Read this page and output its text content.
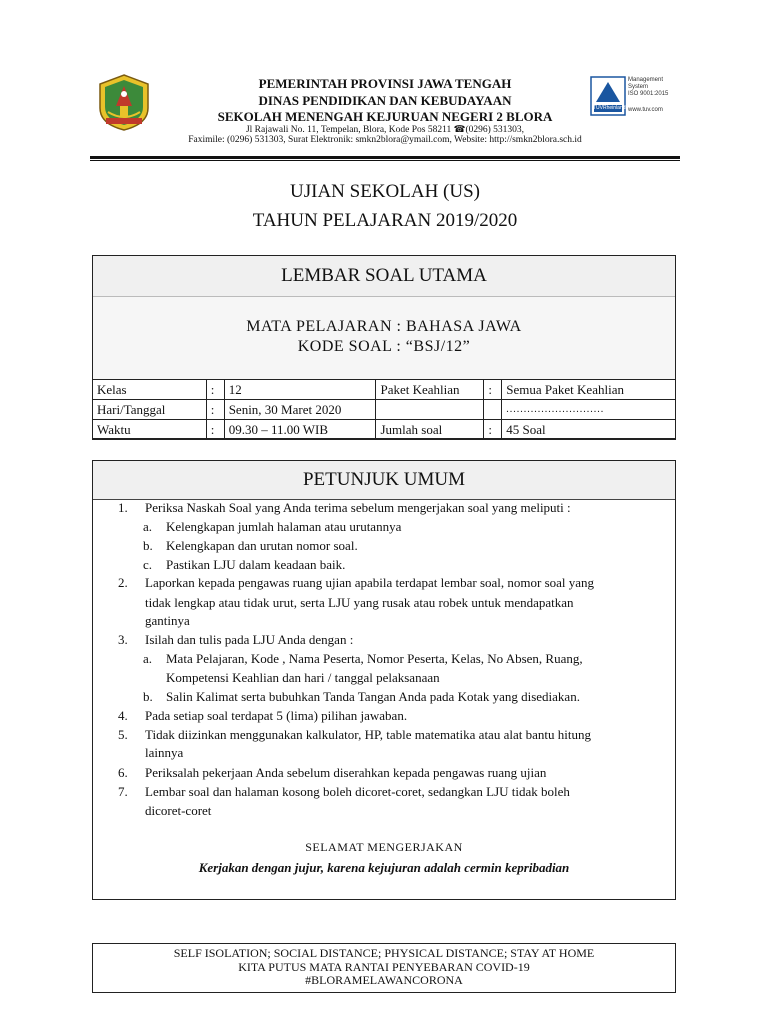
PEMERINTAH PROVINSI JAWA TENGAH
DINAS PENDIDIKAN DAN KEBUDAYAAN
SEKOLAH MENENGAH KEJURUAN NEGERI 2 BLORA
Jl Rajawali No. 11, Tempelan, Blora, Kode Pos 58211 ☎(0296) 531303,
Faximile: (0296) 531303, Surat Elektronik: smkn2blora@ymail.com, Website: http://smkn2blora.sch.id
Management System
ISO 9001:2015
www.tuv.com
TÜVRheinland
UJIAN SEKOLAH (US)
TAHUN PELAJARAN 2019/2020
LEMBAR SOAL UTAMA
MATA PELAJARAN : BAHASA JAWA
KODE SOAL : “BSJ/12”
Kelas	:	12	Paket Keahlian	:	Semua Paket Keahlian
Hari/Tanggal	:	Senin, 30 Maret 2020			............................
Waktu	:	09.30 – 11.00 WIB	Jumlah soal	:	45 Soal
PETUNJUK UMUM
1. Periksa Naskah Soal yang Anda terima sebelum mengerjakan soal yang meliputi :
a. Kelengkapan jumlah halaman atau urutannya
b. Kelengkapan dan urutan nomor soal.
c. Pastikan LJU dalam keadaan baik.
2. Laporkan kepada pengawas ruang ujian apabila terdapat lembar soal, nomor soal yang
tidak lengkap atau tidak urut, serta LJU yang rusak atau robek untuk mendapatkan
gantinya
3. Isilah dan tulis pada LJU Anda dengan :
a. Mata Pelajaran, Kode , Nama Peserta, Nomor Peserta, Kelas, No Absen, Ruang,
Kompetensi Keahlian dan hari / tanggal pelaksanaan
b. Salin Kalimat serta bubuhkan Tanda Tangan Anda pada Kotak yang disediakan.
4. Pada setiap soal terdapat 5 (lima) pilihan jawaban.
5. Tidak diizinkan menggunakan kalkulator, HP, table matematika atau alat bantu hitung
lainnya
6. Periksalah pekerjaan Anda sebelum diserahkan kepada pengawas ruang ujian
7. Lembar soal dan halaman kosong boleh dicoret-coret, sedangkan LJU tidak boleh
dicoret-coret
SELAMAT MENGERJAKAN
Kerjakan dengan jujur, karena kejujuran adalah cermin kepribadian
SELF ISOLATION; SOCIAL DISTANCE; PHYSICAL DISTANCE; STAY AT HOME
KITA PUTUS MATA RANTAI PENYEBARAN COVID-19
#BLORAMELAWANCORONA
